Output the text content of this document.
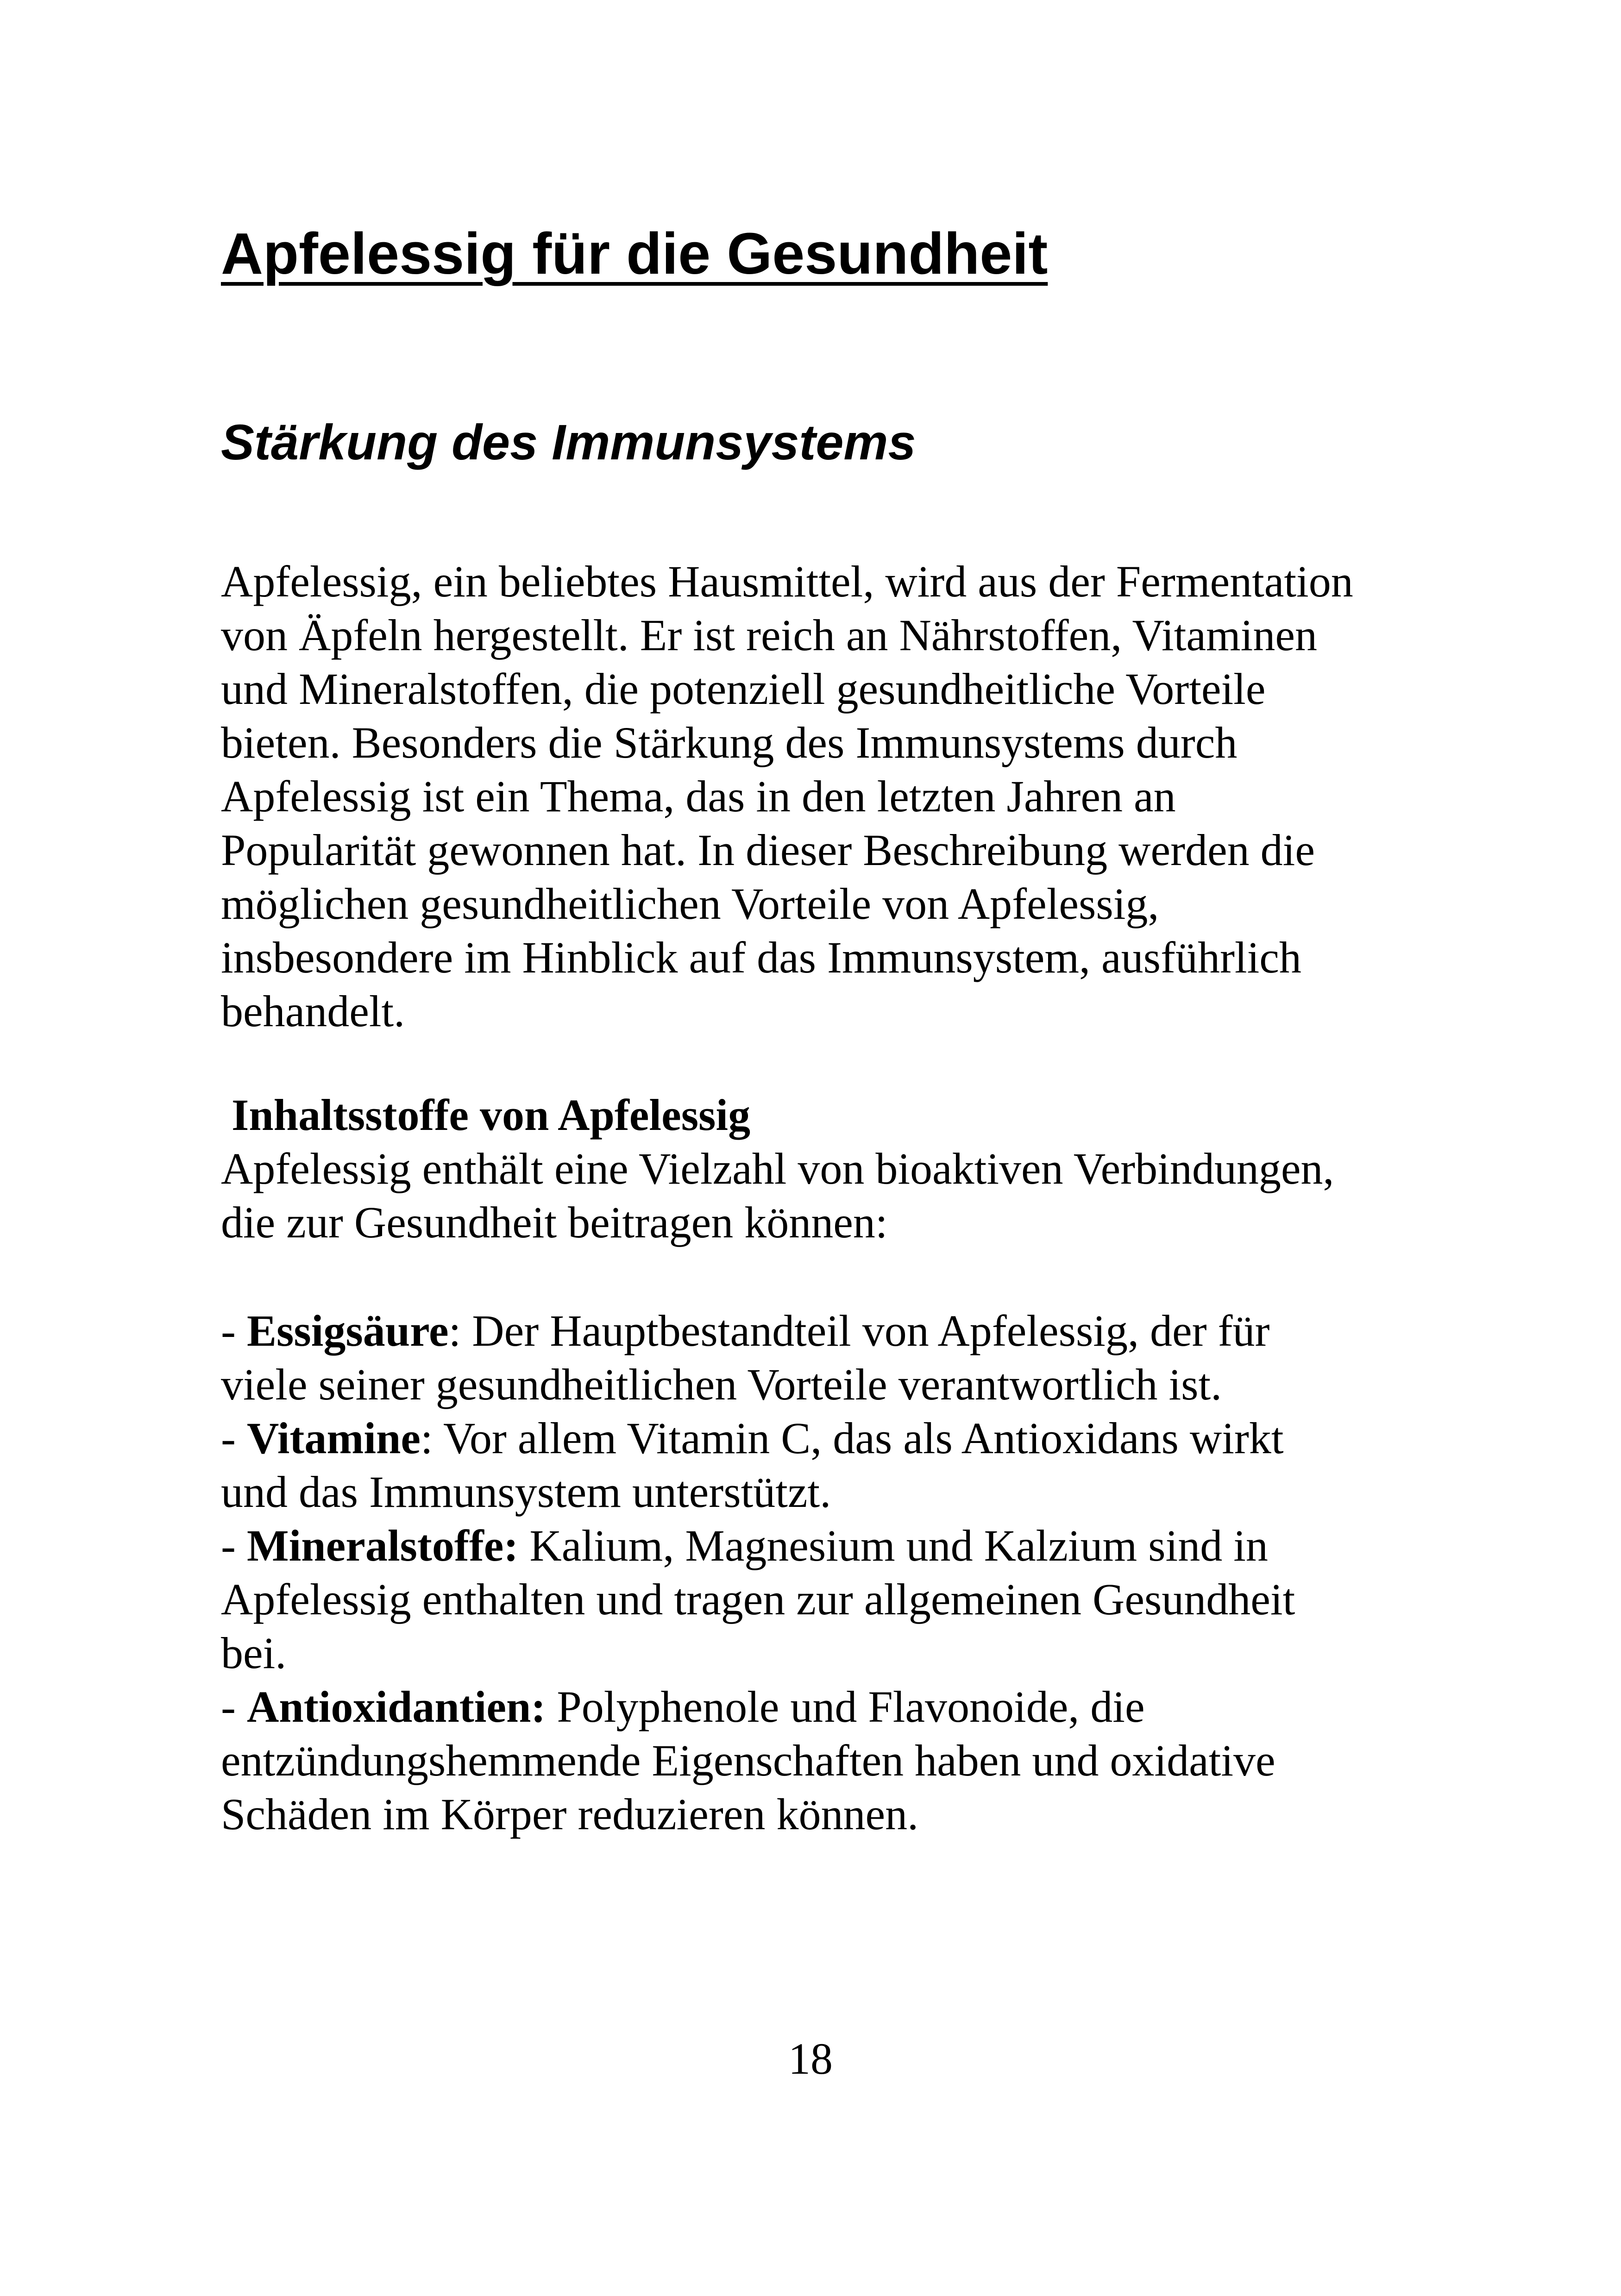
Apfelessig für die Gesundheit
Stärkung des Immunsystems

Apfelessig, ein beliebtes Hausmittel, wird aus der Fermentation
von Äpfeln hergestellt. Er ist reich an Nährstoffen, Vitaminen
und Mineralstoffen, die potenziell gesundheitliche Vorteile
bieten. Besonders die Stärkung des Immunsystems durch
Apfelessig ist ein Thema, das in den letzten Jahren an
Popularität gewonnen hat. In dieser Beschreibung werden die
möglichen gesundheitlichen Vorteile von Apfelessig,
insbesondere im Hinblick auf das Immunsystem, ausführlich
behandelt.

Inhaltsstoffe von Apfelessig

Apfelessig enthält eine Vielzahl von bioaktiven Verbindungen,
die zur Gesundheit beitragen können:

- Essigsäure: Der Hauptbestandteil von Apfelessig, der für
viele seiner gesundheitlichen Vorteile verantwortlich ist.
- Vitamine: Vor allem Vitamin C, das als Antioxidans wirkt
und das Immunsystem unterstützt.
- Mineralstoffe: Kalium, Magnesium und Kalzium sind in
Apfelessig enthalten und tragen zur allgemeinen Gesundheit
bei.
- Antioxidantien: Polyphenole und Flavonoide, die
entzündungshemmende Eigenschaften haben und oxidative
Schäden im Körper reduzieren können.

18
